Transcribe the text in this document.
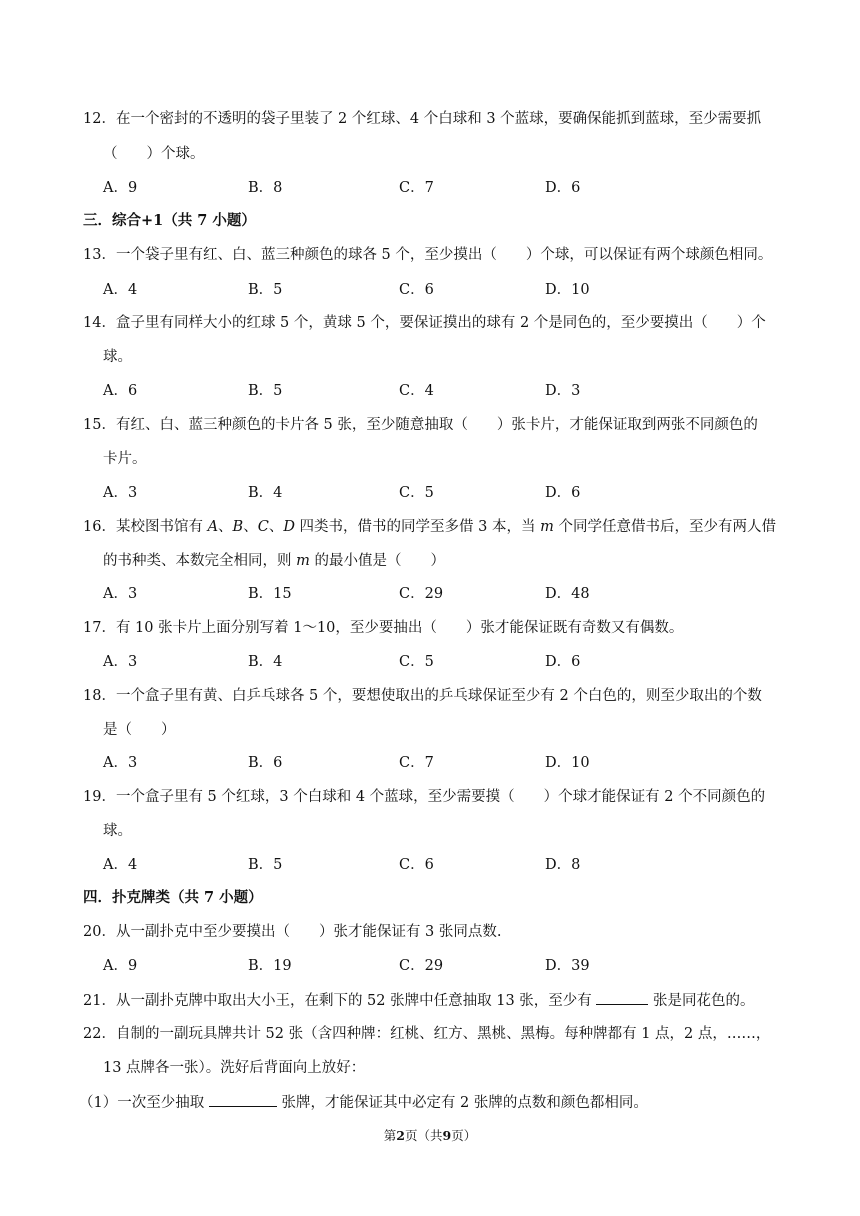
12．在一个密封的不透明的袋子里装了 2 个红球、4 个白球和 3 个蓝球，要确保能抓到蓝球，至少需要抓
（　　）个球。
A．9	B．8	C．7	D．6
三．综合+1（共 7 小题）
13．一个袋子里有红、白、蓝三种颜色的球各 5 个，至少摸出（　　）个球，可以保证有两个球颜色相同。
A．4	B．5	C．6	D．10
14．盒子里有同样大小的红球 5 个，黄球 5 个，要保证摸出的球有 2 个是同色的，至少要摸出（　　）个
球。
A．6	B．5	C．4	D．3
15．有红、白、蓝三种颜色的卡片各 5 张，至少随意抽取（　　）张卡片，才能保证取到两张不同颜色的
卡片。
A．3	B．4	C．5	D．6
16．某校图书馆有 A、B、C、D 四类书，借书的同学至多借 3 本，当 m 个同学任意借书后，至少有两人借
的书种类、本数完全相同，则 m 的最小值是（　　）
A．3	B．15	C．29	D．48
17．有 10 张卡片上面分别写着 1～10，至少要抽出（　　）张才能保证既有奇数又有偶数。
A．3	B．4	C．5	D．6
18．一个盒子里有黄、白乒乓球各 5 个，要想使取出的乒乓球保证至少有 2 个白色的，则至少取出的个数
是（　　）
A．3	B．6	C．7	D．10
19．一个盒子里有 5 个红球，3 个白球和 4 个蓝球，至少需要摸（　　）个球才能保证有 2 个不同颜色的
球。
A．4	B．5	C．6	D．8
四．扑克牌类（共 7 小题）
20．从一副扑克中至少要摸出（　　）张才能保证有 3 张同点数.
A．9	B．19	C．29	D．39
21．从一副扑克牌中取出大小王，在剩下的 52 张牌中任意抽取 13 张，至少有	张是同花色的。
22．自制的一副玩具牌共计 52 张（含四种牌：红桃、红方、黑桃、黑梅。每种牌都有 1 点，2 点，……，
13 点牌各一张）。洗好后背面向上放好：
（1）一次至少抽取	张牌，才能保证其中必定有 2 张牌的点数和颜色都相同。
第2页（共9页）
